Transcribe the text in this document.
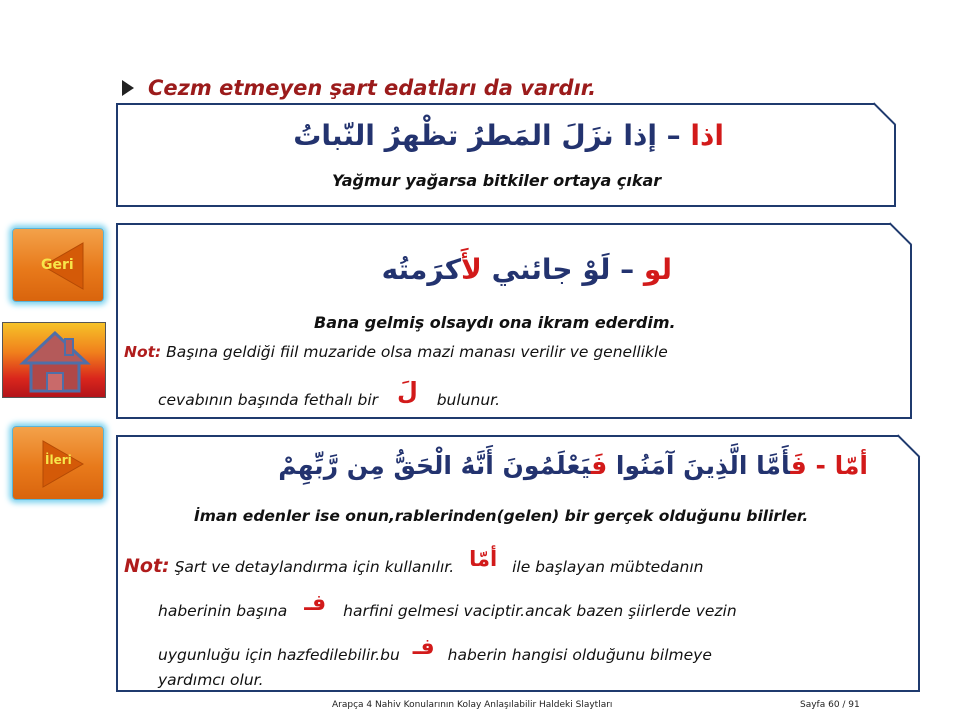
Cezm etmeyen şart edatları da vardır.
اذا – إذا نزَلَ المَطرُ تظْهرُ النّباتُ
Yağmur yağarsa bitkiler ortaya çıkar
لو – لَوْ جائني لأَكرَمتُه
Bana gelmiş olsaydı ona ikram ederdim.
Not: Başına geldiği fiil muzaride olsa mazi manası verilir ve genellikle
cevabının başında fethalı bir لَ bulunur.
أمّا - فَأَمَّا الَّذِينَ آمَنُوا فَيَعْلَمُونَ أَنَّهُ الْحَقُّ مِن رَّبِّهِمْ
İman edenler ise onun,rablerinden(gelen) bir gerçek olduğunu bilirler.
Not: Şart ve detaylandırma için kullanılır. أمّا ile başlayan mübtedanın
haberinin başına فـ harfini gelmesi vaciptir.ancak bazen şiirlerde vezin
uygunluğu için hazfedilebilir.bu فـ haberin hangisi olduğunu bilmeye
yardımcı olur.
Geri
İleri
Arapça 4 Nahiv Konularının Kolay Anlaşılabilir Haldeki Slaytları	Sayfa 60 / 91
